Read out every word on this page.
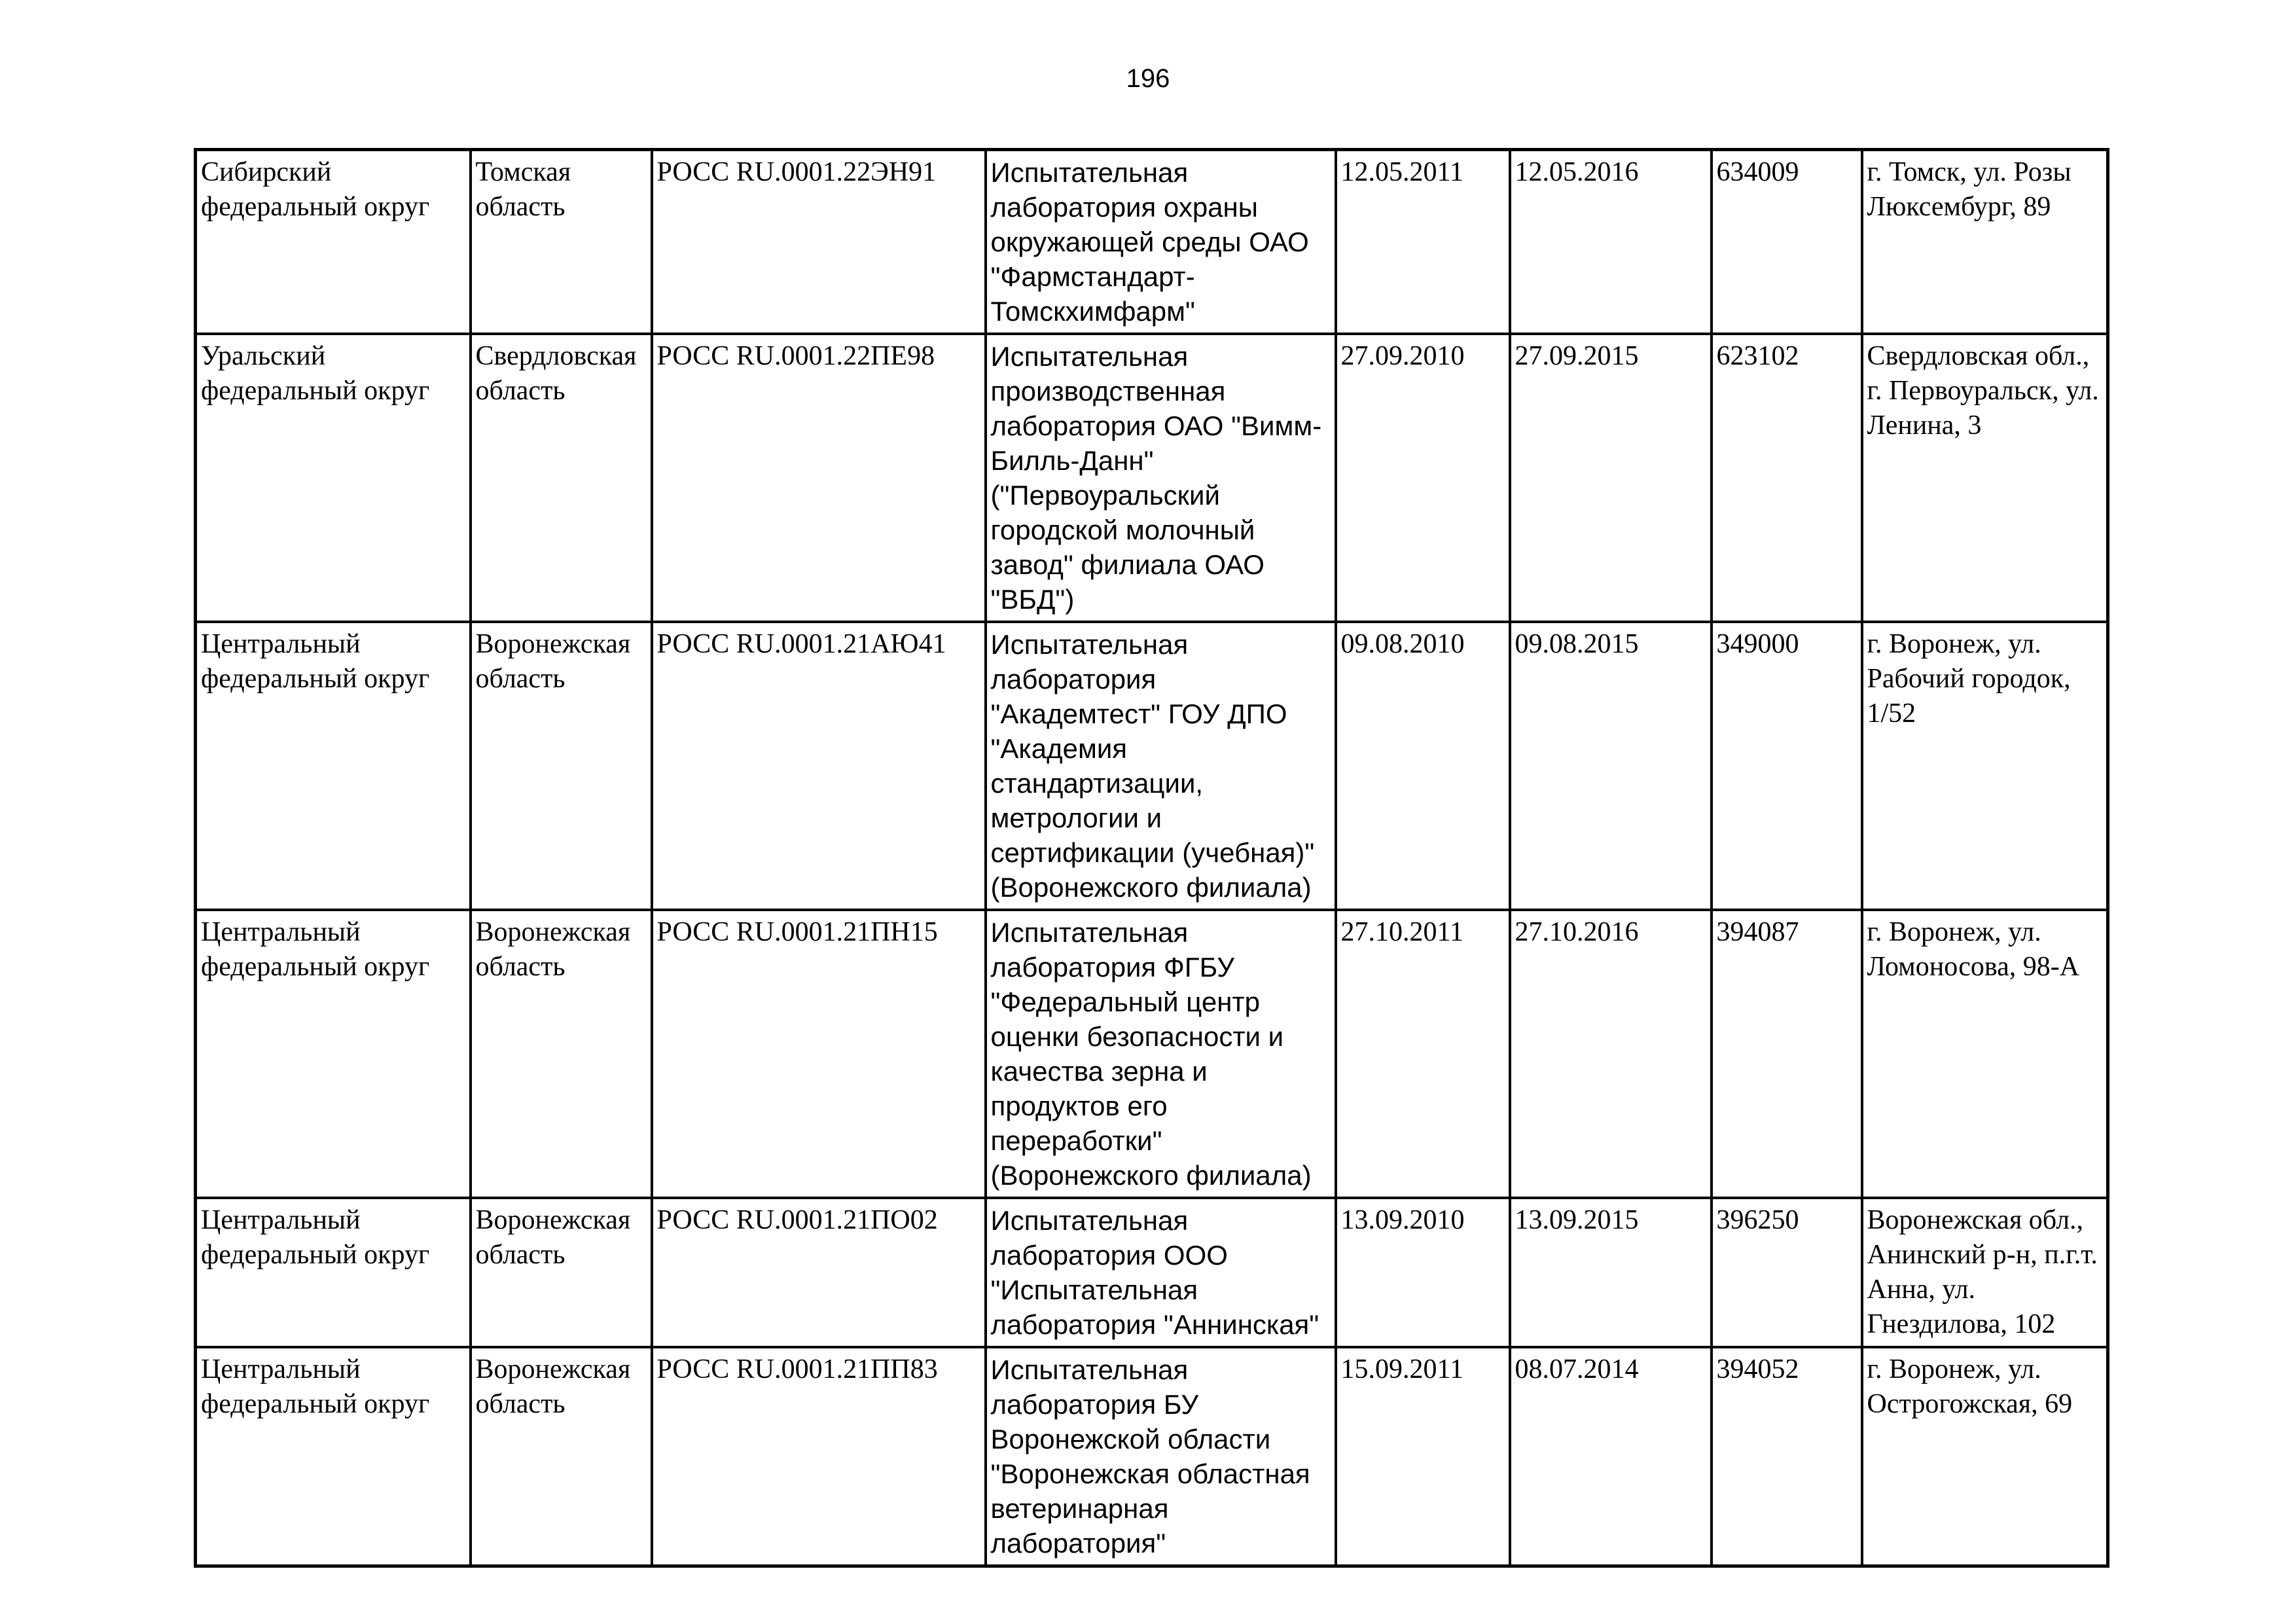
196
Сибирский федеральный округ	Томская область	РОСС RU.0001.22ЭН91	Испытательная лаборатория охраны окружающей среды ОАО "Фармстандарт-Томскхимфарм"	12.05.2011	12.05.2016	634009	г. Томск, ул. Розы Люксембург, 89
Уральский федеральный округ	Свердловская область	РОСС RU.0001.22ПЕ98	Испытательная производственная лаборатория ОАО "Вимм-Билль-Данн" ("Первоуральский городской молочный завод" филиала ОАО "ВБД")	27.09.2010	27.09.2015	623102	Свердловская обл., г. Первоуральск, ул. Ленина, 3
Центральный федеральный округ	Воронежская область	РОСС RU.0001.21АЮ41	Испытательная лаборатория "Академтест" ГОУ ДПО "Академия стандартизации, метрологии и сертификации (учебная)" (Воронежского филиала)	09.08.2010	09.08.2015	349000	г. Воронеж, ул. Рабочий городок, 1/52
Центральный федеральный округ	Воронежская область	РОСС RU.0001.21ПН15	Испытательная лаборатория ФГБУ "Федеральный центр оценки безопасности и качества зерна и продуктов его переработки" (Воронежского филиала)	27.10.2011	27.10.2016	394087	г. Воронеж, ул. Ломоносова, 98-А
Центральный федеральный округ	Воронежская область	РОСС RU.0001.21ПО02	Испытательная лаборатория ООО "Испытательная лаборатория "Аннинская"	13.09.2010	13.09.2015	396250	Воронежская обл., Анинский р-н, п.г.т. Анна, ул. Гнездилова, 102
Центральный федеральный округ	Воронежская область	РОСС RU.0001.21ПП83	Испытательная лаборатория БУ Воронежской области "Воронежская областная ветеринарная лаборатория"	15.09.2011	08.07.2014	394052	г. Воронеж, ул. Острогожская, 69
